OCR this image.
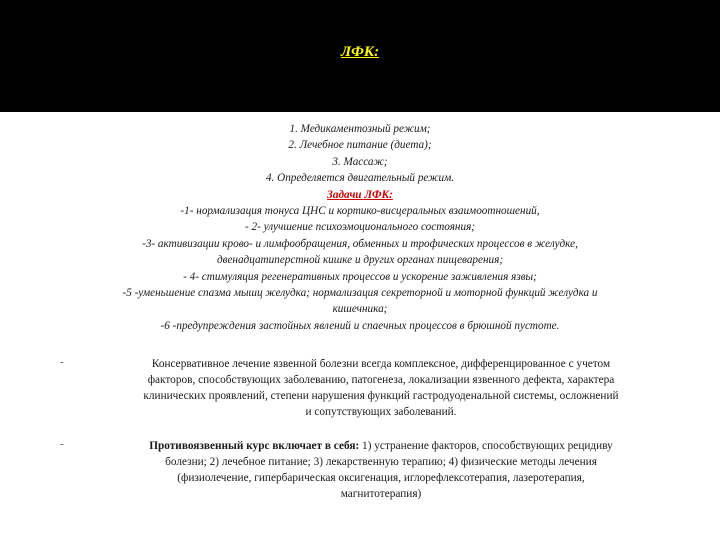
ЛФК:
1. Медикаментозный режим;
2. Лечебное питание (диета);
3. Массаж;
4. Определяется двигательный режим.
Задачи ЛФК:
-1- нормализация тонуса ЦНС и кортико-висцеральных взаимоотношений,
- 2- улучшение психоэмоционального состояния;
-3- активизации крово- и лимфообращения, обменных и трофических процессов в желудке,
двенадцатиперстной кишке и других органах пищеварения;
- 4- стимуляция регенеративных процессов и ускорение заживления язвы;
-5 -уменьшение спазма мышц желудка; нормализация секреторной и моторной функций желудка и
кишечника;
-6 -предупреждения застойных явлений и спаечных процессов в брюшной пустоте.
-	Консервативное лечение язвенной болезни всегда комплексное, дифференцированное с учетом
факторов, способствующих заболеванию, патогенеза, локализации язвенного дефекта, характера
клинических проявлений, степени нарушения функций гастродуоденальной системы, осложнений
и сопутствующих заболеваний.
-	Противоязвенный курс включает в себя: 1) устранение факторов, способствующих рецидиву
болезни; 2) лечебное питание; 3) лекарственную терапию; 4) физические методы лечения
(физиолечение, гипербарическая оксигенация, иглорефлексотерапия, лазеротерапия,
магнитотерапия)
